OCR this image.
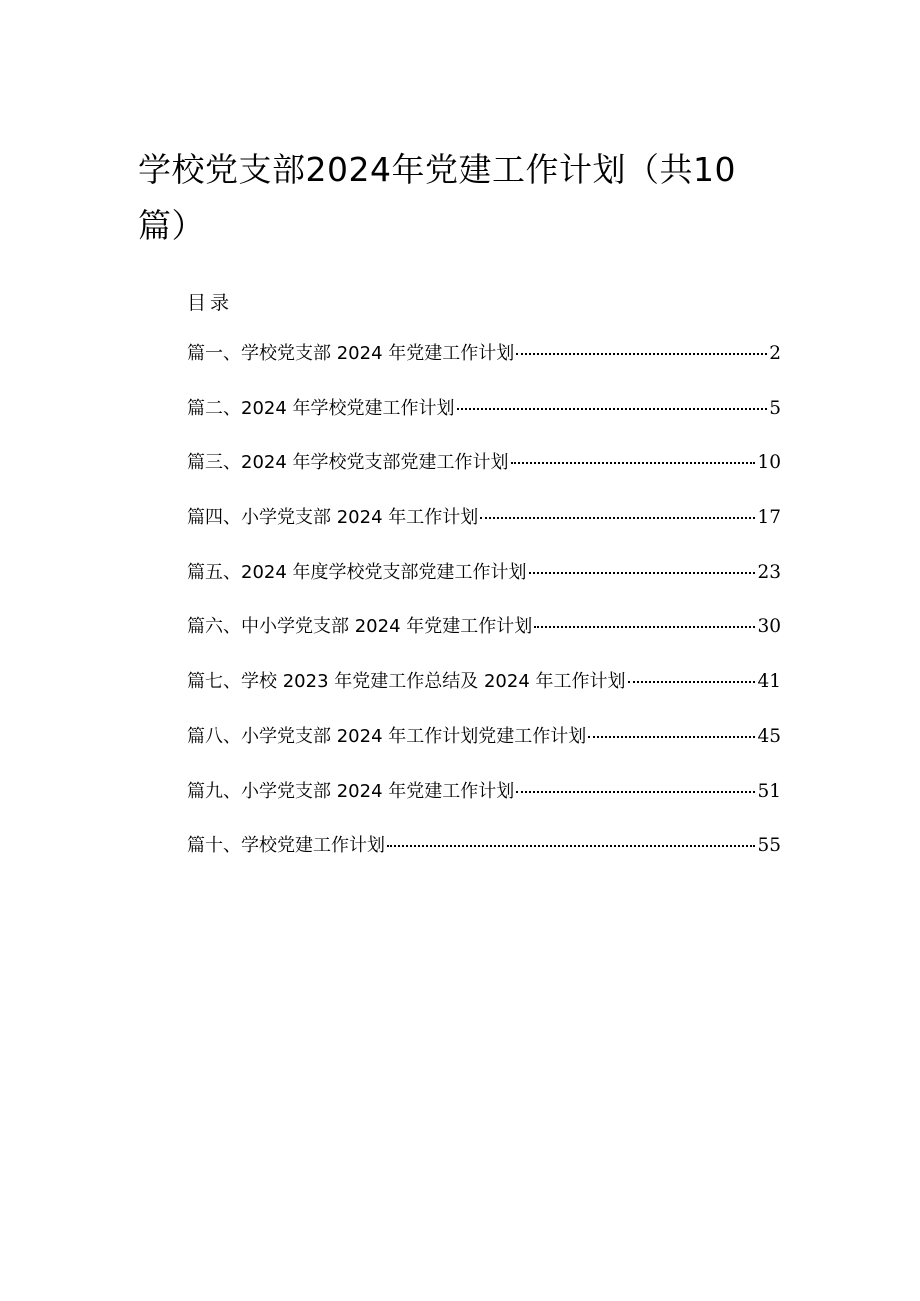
学校党支部2024年党建工作计划（共10篇）
目录
篇一、学校党支部 2024 年党建工作计划	2
篇二、2024 年学校党建工作计划	5
篇三、2024 年学校党支部党建工作计划	10
篇四、小学党支部 2024 年工作计划	17
篇五、2024 年度学校党支部党建工作计划	23
篇六、中小学党支部 2024 年党建工作计划	30
篇七、学校 2023 年党建工作总结及 2024 年工作计划	41
篇八、小学党支部 2024 年工作计划党建工作计划	45
篇九、小学党支部 2024 年党建工作计划	51
篇十、学校党建工作计划	55
